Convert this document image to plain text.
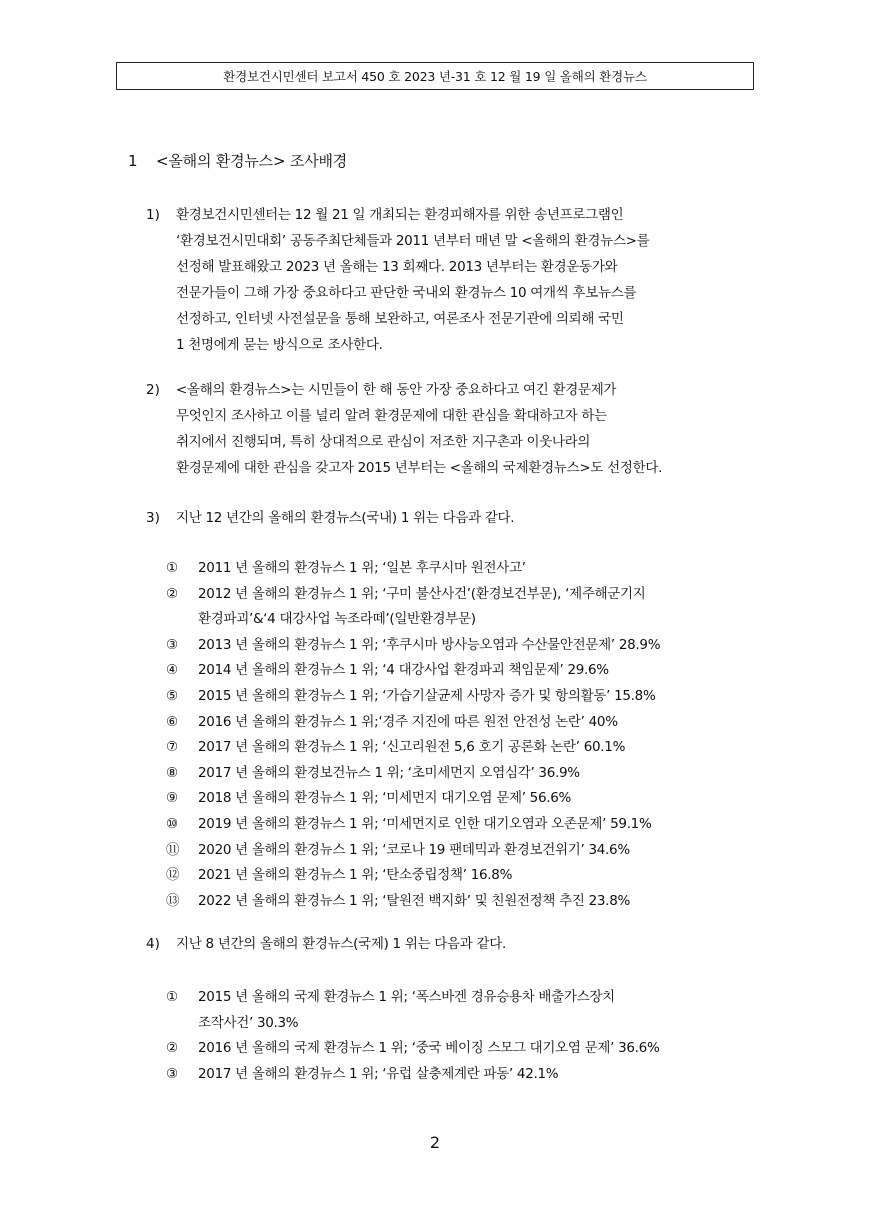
환경보건시민센터 보고서 450 호 2023 년-31 호 12 월 19 일 올해의 환경뉴스
1 <올해의 환경뉴스> 조사배경
1)	환경보건시민센터는 12 월 21 일 개최되는 환경피해자를 위한 송년프로그램인
‘환경보건시민대회’ 공동주최단체들과 2011 년부터 매년 말 <올해의 환경뉴스>를
선정해 발표해왔고 2023 년 올해는 13 회째다. 2013 년부터는 환경운동가와
전문가들이 그해 가장 중요하다고 판단한 국내외 환경뉴스 10 여개씩 후보뉴스를
선정하고, 인터넷 사전설문을 통해 보완하고, 여론조사 전문기관에 의뢰해 국민
1 천명에게 묻는 방식으로 조사한다.
2)	<올해의 환경뉴스>는 시민들이 한 해 동안 가장 중요하다고 여긴 환경문제가
무엇인지 조사하고 이를 널리 알려 환경문제에 대한 관심을 확대하고자 하는
취지에서 진행되며, 특히 상대적으로 관심이 저조한 지구촌과 이웃나라의
환경문제에 대한 관심을 갖고자 2015 년부터는 <올해의 국제환경뉴스>도 선정한다.
3)	지난 12 년간의 올해의 환경뉴스(국내) 1 위는 다음과 같다.
①	2011 년 올해의 환경뉴스 1 위; ‘일본 후쿠시마 원전사고’
②	2012 년 올해의 환경뉴스 1 위; ‘구미 불산사건’(환경보건부문), ‘제주해군기지
환경파괴’&‘4 대강사업 녹조라떼’(일반환경부문)
③	2013 년 올해의 환경뉴스 1 위; ‘후쿠시마 방사능오염과 수산물안전문제’ 28.9%
④	2014 년 올해의 환경뉴스 1 위; ‘4 대강사업 환경파괴 책임문제’ 29.6%
⑤	2015 년 올해의 환경뉴스 1 위; ‘가습기살균제 사망자 증가 및 항의활동’ 15.8%
⑥	2016 년 올해의 환경뉴스 1 위;‘경주 지진에 따른 원전 안전성 논란’ 40%
⑦	2017 년 올해의 환경뉴스 1 위; ‘신고리원전 5,6 호기 공론화 논란’ 60.1%
⑧	2017 년 올해의 환경보건뉴스 1 위; ‘초미세먼지 오염심각’ 36.9%
⑨	2018 년 올해의 환경뉴스 1 위; ‘미세먼지 대기오염 문제’ 56.6%
⑩	2019 년 올해의 환경뉴스 1 위; ‘미세먼지로 인한 대기오염과 오존문제’ 59.1%
⑪	2020 년 올해의 환경뉴스 1 위; ‘코로나 19 팬데믹과 환경보건위기’ 34.6%
⑫	2021 년 올해의 환경뉴스 1 위; ‘탄소중립정책’ 16.8%
⑬	2022 년 올해의 환경뉴스 1 위; ‘탈원전 백지화’ 및 친원전정책 추진 23.8%
4)	지난 8 년간의 올해의 환경뉴스(국제) 1 위는 다음과 같다.
①	2015 년 올해의 국제 환경뉴스 1 위; ‘폭스바겐 경유승용차 배출가스장치
조작사건’ 30.3%
②	2016 년 올해의 국제 환경뉴스 1 위; ‘중국 베이징 스모그 대기오염 문제’ 36.6%
③	2017 년 올해의 환경뉴스 1 위; ‘유럽 살충제계란 파동’ 42.1%
2
